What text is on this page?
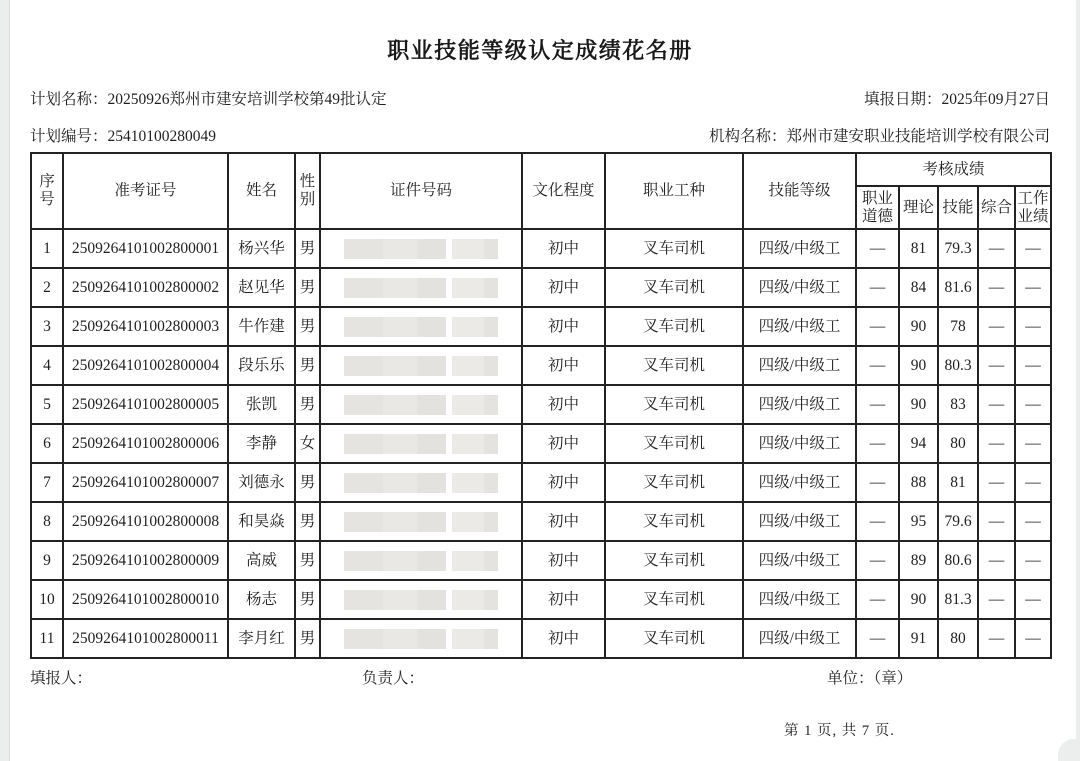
职业技能等级认定成绩花名册
计划名称：20250926郑州市建安培训学校第49批认定	填报日期：2025年09月27日
计划编号：25410100280049	机构名称：郑州市建安职业技能培训学校有限公司
序号	准考证号	姓名	性别	证件号码	文化程度	职业工种	技能等级	考核成绩				
								职业道德	理论	技能	综合	工作业绩
1	2509264101002800001	杨兴华	男		初中	叉车司机	四级/中级工	—	81	79.3	—	—
2	2509264101002800002	赵见华	男		初中	叉车司机	四级/中级工	—	84	81.6	—	—
3	2509264101002800003	牛作建	男		初中	叉车司机	四级/中级工	—	90	78	—	—
4	2509264101002800004	段乐乐	男		初中	叉车司机	四级/中级工	—	90	80.3	—	—
5	2509264101002800005	张凯	男		初中	叉车司机	四级/中级工	—	90	83	—	—
6	2509264101002800006	李静	女		初中	叉车司机	四级/中级工	—	94	80	—	—
7	2509264101002800007	刘德永	男		初中	叉车司机	四级/中级工	—	88	81	—	—
8	2509264101002800008	和昊焱	男		初中	叉车司机	四级/中级工	—	95	79.6	—	—
9	2509264101002800009	高威	男		初中	叉车司机	四级/中级工	—	89	80.6	—	—
10	2509264101002800010	杨志	男		初中	叉车司机	四级/中级工	—	90	81.3	—	—
11	2509264101002800011	李月红	男		初中	叉车司机	四级/中级工	—	91	80	—	—
填报人：	负责人：	单位：（章）
第 1 页, 共 7 页.
